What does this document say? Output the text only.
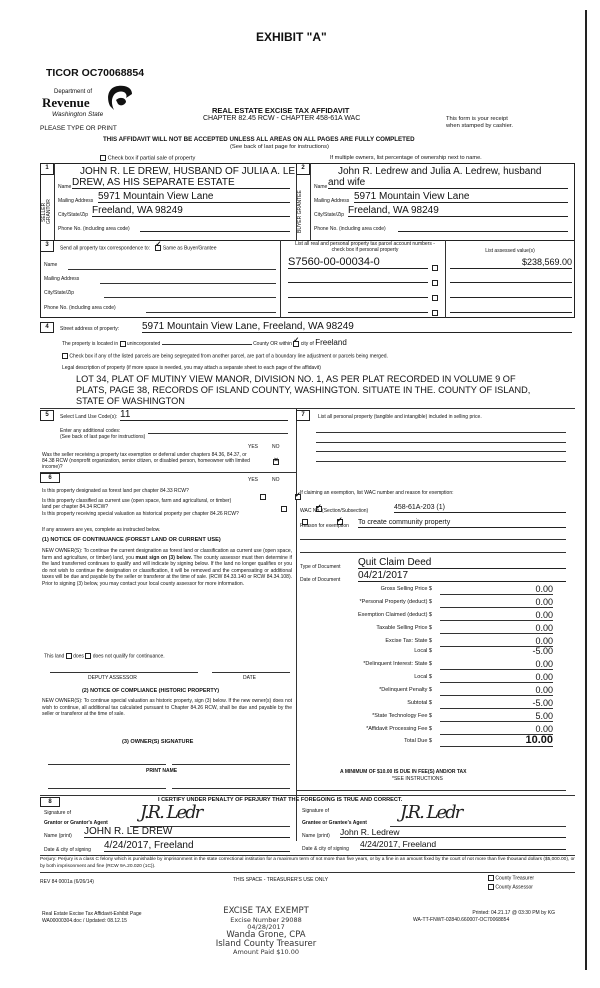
EXHIBIT "A"
TICOR OC70068854
Department of
Revenue
Washington State
PLEASE TYPE OR PRINT
REAL ESTATE EXCISE TAX AFFIDAVIT
CHAPTER 82.45 RCW - CHAPTER 458-61A WAC	This form is your receipt
when stamped by cashier.
THIS AFFIDAVIT WILL NOT BE ACCEPTED UNLESS ALL AREAS ON ALL PAGES ARE FULLY COMPLETED
(See back of last page for instructions)
Check box if partial sale of property	If multiple owners, list percentage of ownership next to name.
1
SELLER GRANTOR
JOHN R. LE DREW, HUSBAND OF JULIA A. LE
Name DREW, AS HIS SEPARATE ESTATE
Mailing Address 5971 Mountain View Lane
City/State/Zip Freeland, WA 98249
Phone No. (including area code)
2
BUYER GRANTEE
John R. Ledrew and Julia A. Ledrew, husband
Name and wife
Mailing Address 5971 Mountain View Lane
City/State/Zip Freeland, WA 98249
Phone No. (including area code)
3
Send all property tax correspondence to: ✓	Same as Buyer/Grantee
Name
Mailing Address
City/State/Zip
Phone No. (including area code)
List all real and personal property tax parcel account numbers - check box if personal property	List assessed value(s)
S7560-00-00034-0	$238,569.00
4	Street address of property: 5971 Mountain View Lane, Freeland, WA 98249
The property is located in unincorporated	County OR within ✓ city of Freeland
Check box if any of the listed parcels are being segregated from another parcel, are part of a boundary line adjustment or parcels being merged.
Legal description of property (if more space is needed, you may attach a separate sheet to each page of the affidavit)
LOT 34, PLAT OF MUTINY VIEW MANOR, DIVISION NO. 1, AS PER PLAT RECORDED IN VOLUME 9 OF
PLATS, PAGE 38, RECORDS OF ISLAND COUNTY, WASHINGTON. SITUATE IN THE. COUNTY OF ISLAND,
STATE OF WASHINGTON
5	Select Land Use Code(s): 11
Enter any additional codes:
(See back of last page for instructions)
YES	NO
Was the seller receiving a property tax exemption or deferral under chapters 84.36, 84.37, or 84.38 RCW (nonprofit organization, senior citizen, or disabled person, homeowner with limited income)?
×
6	YES	NO
Is this property designated as forest land per chapter 84.33 RCW?
✓
Is this property classified as current use (open space, farm and agricultural, or timber) land per chapter 84.34 RCW?
✓
Is this property receiving special valuation as historical property per chapter 84.26 RCW?
✓
If any answers are yes, complete as instructed below.
(1) NOTICE OF CONTINUANCE (FOREST LAND OR CURRENT USE)
NEW OWNER(S): To continue the current designation as forest land or classification as current use (open space, farm and agriculture, or timber) land, you must sign on (3) below. The county assessor must then determine if the land transferred continues to qualify and will indicate by signing below. If the land no longer qualifies or you do not wish to continue the designation or classification, it will be removed and the compensating or additional taxes will be due and payable by the seller or transferor at the time of sale. (RCW 84.33.140 or RCW 84.34.108). Prior to signing (3) below, you may contact your local county assessor for more information.
This land does does not qualify for continuance.
DEPUTY ASSESSOR	DATE
(2) NOTICE OF COMPLIANCE (HISTORIC PROPERTY)
NEW OWNER(S): To continue special valuation as historic property, sign (3) below. If the new owner(s) does not wish to continue, all additional tax calculated pursuant to Chapter 84.26 RCW, shall be due and payable by the seller or transferor at the time of sale.
(3) OWNER(S) SIGNATURE
PRINT NAME
7	List all personal property (tangible and intangible) included in selling price.
If claiming an exemption, list WAC number and reason for exemption:
WAC No. (Section/Subsection)	458-61A-203 (1)
Reason for exemption To create community property
Type of Document Quit Claim Deed
Date of Document 04/21/2017
Gross Selling Price $	0.00
*Personal Property (deduct) $	0.00
Exemption Claimed (deduct) $	0.00
Taxable Selling Price $	0.00
Excise Tax: State $	0.00
Local $	-5.00
*Delinquent Interest: State $	0.00
Local $	0.00
*Delinquent Penalty $	0.00
Subtotal $	-5.00
*State Technology Fee $	5.00
*Affidavit Processing Fee $	0.00
Total Due $	10.00
A MINIMUM OF $10.00 IS DUE IN FEE(S) AND/OR TAX
*SEE INSTRUCTIONS
8	I CERTIFY UNDER PENALTY OF PERJURY THAT THE FOREGOING IS TRUE AND CORRECT.
Signature of
Grantor or Grantor's Agent J.R. Ledr
Name (print) JOHN R. LE DREW
Date & city of signing 4/24/2017, Freeland
Signature of
Grantee or Grantee's Agent J.R. Ledr
Name (print) John R. Ledrew
Date & city of signing 4/24/2017, Freeland
Perjury: Perjury is a class C felony which is punishable by imprisonment in the state correctional institution for a maximum term of not more than five years, or by a fine in an amount fixed by the court of not more than five thousand dollars ($5,000.00), or by both imprisonment and fine (RCW 9A.20.020 (1C)).
REV 84 0001a (6/26/14)	THIS SPACE - TREASURER'S USE ONLY	County Treasurer
County Assessor
Real Estate Excise Tax Affidavit-Exhibit Page
WA00000304.doc / Updated: 08.12.15
Printed: 04.21.17 @ 03:30 PM by KG
WA-TT-FNWT-02840.660007-OC70068854
EXCISE TAX EXEMPT
Excise Number 29088
04/28/2017
Wanda Grone, CPA
Island County Treasurer
Amount Paid $10.00
